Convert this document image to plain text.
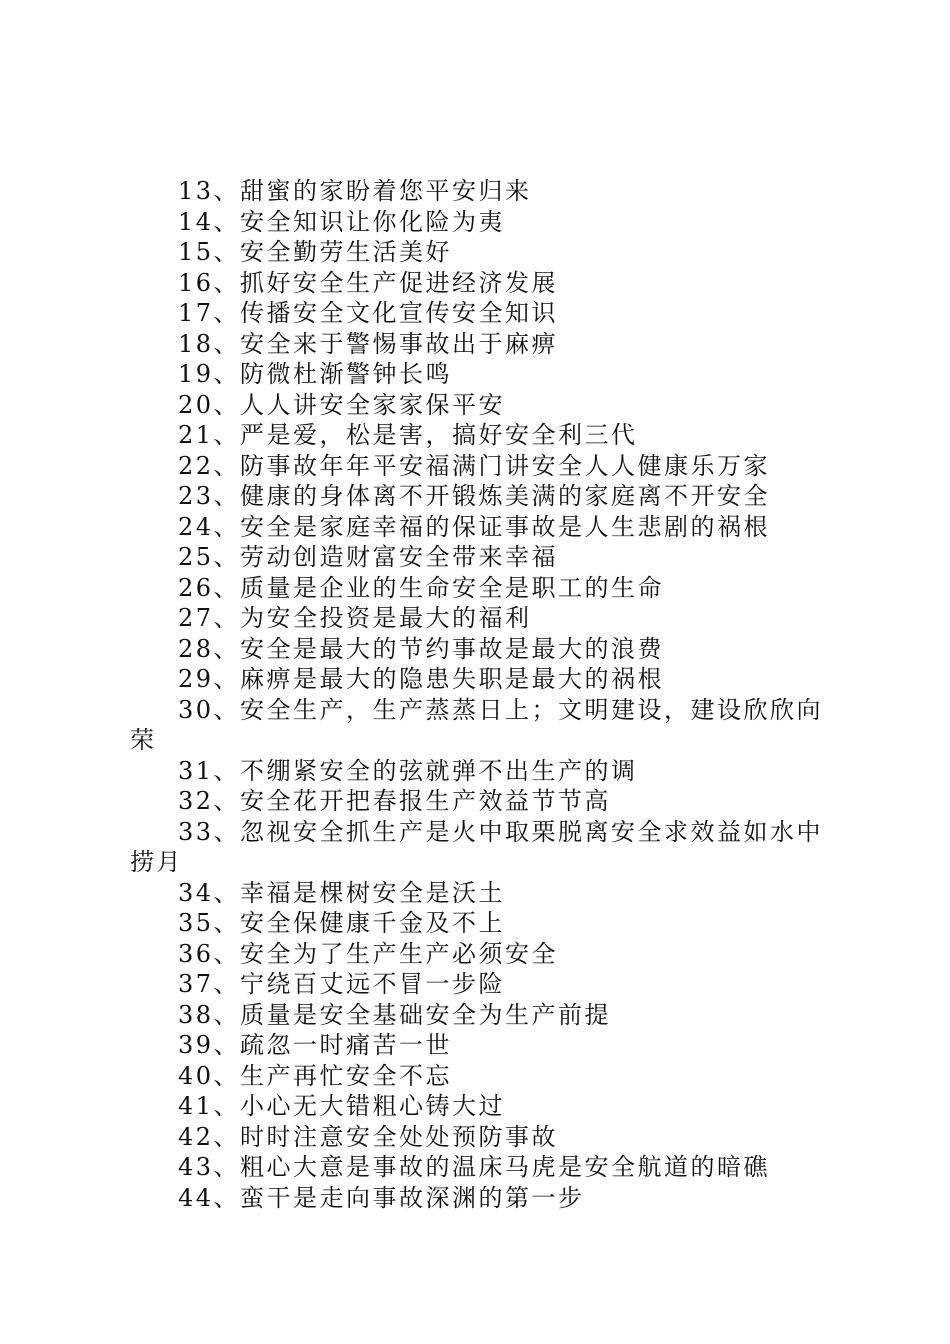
13、甜蜜的家盼着您平安归来
14、安全知识让你化险为夷
15、安全勤劳生活美好
16、抓好安全生产促进经济发展
17、传播安全文化宣传安全知识
18、安全来于警惕事故出于麻痹
19、防微杜渐警钟长鸣
20、人人讲安全家家保平安
21、严是爱，松是害，搞好安全利三代
22、防事故年年平安福满门讲安全人人健康乐万家
23、健康的身体离不开锻炼美满的家庭离不开安全
24、安全是家庭幸福的保证事故是人生悲剧的祸根
25、劳动创造财富安全带来幸福
26、质量是企业的生命安全是职工的生命
27、为安全投资是最大的福利
28、安全是最大的节约事故是最大的浪费
29、麻痹是最大的隐患失职是最大的祸根
30、安全生产，生产蒸蒸日上；文明建设，建设欣欣向荣
31、不绷紧安全的弦就弹不出生产的调
32、安全花开把春报生产效益节节高
33、忽视安全抓生产是火中取栗脱离安全求效益如水中捞月
34、幸福是棵树安全是沃土
35、安全保健康千金及不上
36、安全为了生产生产必须安全
37、宁绕百丈远不冒一步险
38、质量是安全基础安全为生产前提
39、疏忽一时痛苦一世
40、生产再忙安全不忘
41、小心无大错粗心铸大过
42、时时注意安全处处预防事故
43、粗心大意是事故的温床马虎是安全航道的暗礁
44、蛮干是走向事故深渊的第一步
